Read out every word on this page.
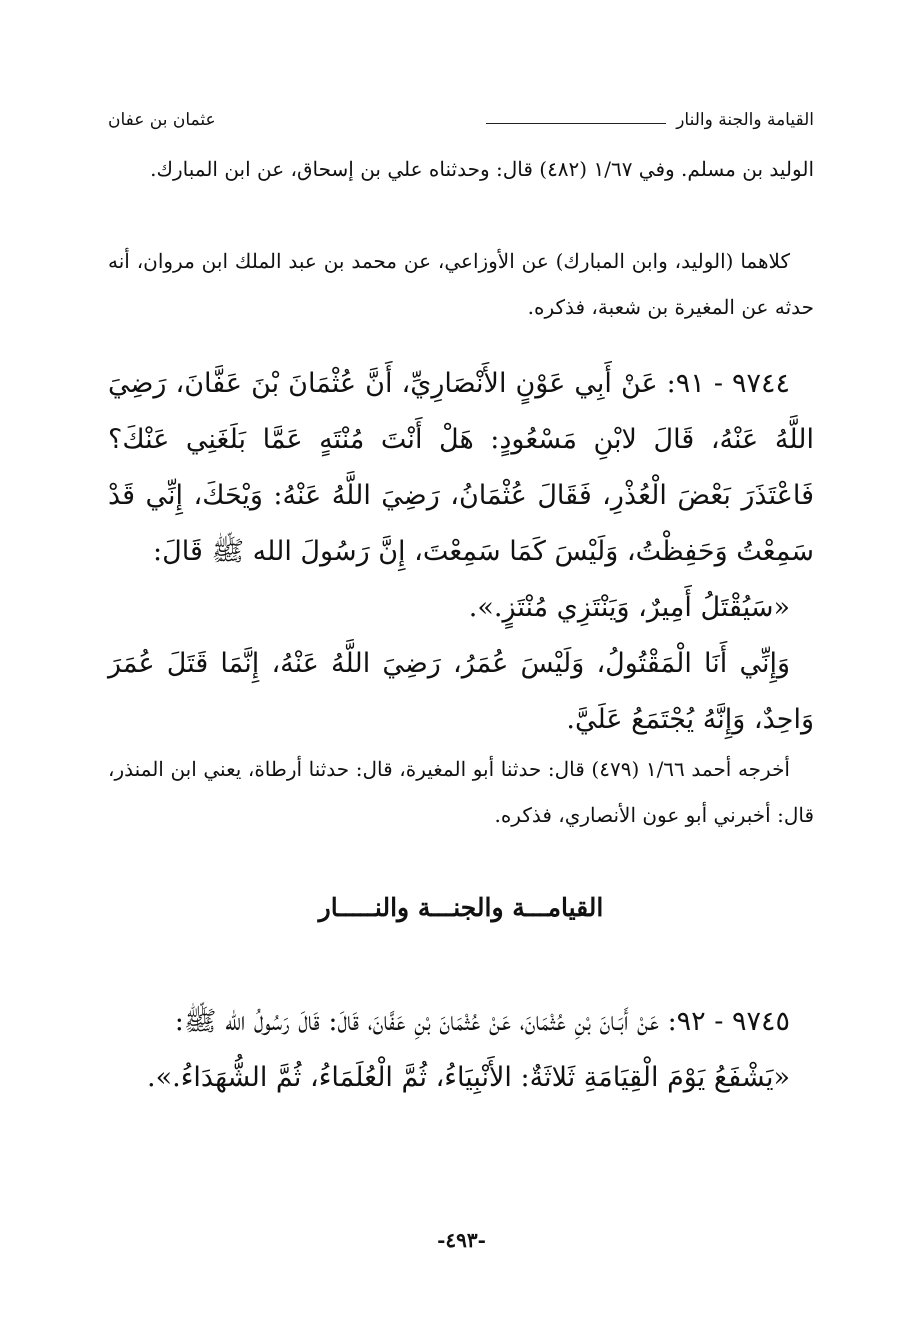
القيامة والجنة والنار
عثمان بن عفان

الوليد بن مسلم. وفي ١/٦٧ (٤٨٢) قال: وحدثناه علي بن إسحاق، عن ابن المبارك.

كلاهما (الوليد، وابن المبارك) عن الأوزاعي، عن محمد بن عبد الملك ابن مروان، أنه حدثه عن المغيرة بن شعبة، فذكره.

٩٧٤٤ - ٩١: عَنْ أَبِي عَوْنٍ الأَنْصَارِيِّ، أَنَّ عُثْمَانَ بْنَ عَفَّانَ، رَضِيَ اللَّهُ عَنْهُ، قَالَ لابْنِ مَسْعُودٍ: هَلْ أَنْتَ مُنْتَهٍ عَمَّا بَلَغَنِي عَنْكَ؟ فَاعْتَذَرَ بَعْضَ الْعُذْرِ، فَقَالَ عُثْمَانُ، رَضِيَ اللَّهُ عَنْهُ: وَيْحَكَ، إِنِّي قَدْ سَمِعْتُ وَحَفِظْتُ، وَلَيْسَ كَمَا سَمِعْتَ، إِنَّ رَسُولَ الله ﷺ قَالَ:

«سَيُقْتَلُ أَمِيرٌ، وَيَنْتَزِي مُنْتَزٍ.».

وَإِنِّي أَنَا الْمَقْتُولُ، وَلَيْسَ عُمَرُ، رَضِيَ اللَّهُ عَنْهُ، إِنَّمَا قَتَلَ عُمَرَ وَاحِدٌ، وَإِنَّهُ يُجْتَمَعُ عَلَيَّ.

أخرجه أحمد ١/٦٦ (٤٧٩) قال: حدثنا أبو المغيرة، قال: حدثنا أرطاة، يعني ابن المنذر، قال: أخبرني أبو عون الأنصاري، فذكره.

القيامـــة والجنـــة والنـــــار

٩٧٤٥ - ٩٢: عَنْ أَبَـانَ بْنِ عُثْمَانَ، عَنْ عُثْمَانَ بْنِ عَفَّانَ، قَالَ: قَالَ رَسُولُ الله ﷺ:

«يَشْفَعُ يَوْمَ الْقِيَامَةِ ثَلاثَةٌ: الأَنْبِيَاءُ، ثُمَّ الْعُلَمَاءُ، ثُمَّ الشُّهَدَاءُ.».

-٤٩٣-
